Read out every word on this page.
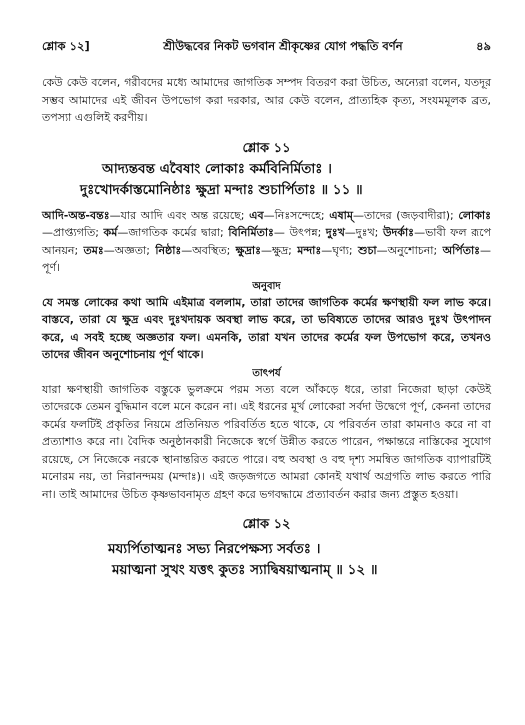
শ্লোক ১২]	শ্রীউদ্ধবের নিকট ভগবান শ্রীকৃষ্ণের যোগ পদ্ধতি বর্ণন	৪৯

কেউ কেউ বলেন, গরীবদের মধ্যে আমাদের জাগতিক সম্পদ বিতরণ করা উচিত, অন্যেরা বলেন, যতদূর সম্ভব আমাদের এই জীবন উপভোগ করা দরকার, আর কেউ বলেন, প্রাত্যহিক কৃত্য, সংযমমূলক ব্রত, তপস্যা এগুলিই করণীয়।

শ্লোক ১১
আদ্যন্তবন্ত এবৈষাং লোকাঃ কর্মবিনির্মিতাঃ ।
দুঃখোদর্কাস্তমোনিষ্ঠাঃ ক্ষুদ্রা মন্দাঃ শুচার্পিতাঃ ॥ ১১ ॥
আদি-অন্ত-বন্তঃ—যার আদি এবং অন্ত রয়েছে; এব—নিঃসন্দেহে; এষাম্—তাদের (জড়বাদীরা); লোকাঃ—প্রাপ্ত্যগতি; কর্ম—জাগতিক কর্মের দ্বারা; বিনির্মিতাঃ— উৎপন্ন; দুঃখ—দুঃখ; উদর্কাঃ—ভাবী ফল রূপে আনয়ন; তমঃ—অজ্ঞতা; নিষ্ঠাঃ—অবস্থিত; ক্ষুদ্রাঃ—ক্ষুদ্র; মন্দাঃ—ঘৃণ্য; শুচা—অনুশোচনা; অর্পিতাঃ—পূর্ণ।
অনুবাদ

যে সমস্ত লোকের কথা আমি এইমাত্র বললাম, তারা তাদের জাগতিক কর্মের ক্ষণস্থায়ী ফল লাভ করে। বাস্তবে, তারা যে ক্ষুদ্র এবং দুঃখদায়ক অবস্থা লাভ করে, তা ভবিষ্যতে তাদের আরও দুঃখ উৎপাদন করে, এ সবই হচ্ছে অজ্ঞতার ফল। এমনকি, তারা যখন তাদের কর্মের ফল উপভোগ করে, তখনও তাদের জীবন অনুশোচনায় পূর্ণ থাকে।

তাৎপর্য

যারা ক্ষণস্থায়ী জাগতিক বস্তুকে ভুলক্রমে পরম সত্য বলে আঁকড়ে ধরে, তারা নিজেরা ছাড়া কেউই তাদেরকে তেমন বুদ্ধিমান বলে মনে করেন না। এই ধরনের মূর্খ লোকেরা সর্বদা উদ্বেগে পূর্ণ, কেননা তাদের কর্মের ফলটিই প্রকৃতির নিয়মে প্রতিনিয়ত পরিবর্তিত হতে থাকে, যে পরিবর্তন তারা কামনাও করে না বা প্রত্যাশাও করে না। বৈদিক অনুষ্ঠানকারী নিজেকে স্বর্গে উন্নীত করতে পারেন, পক্ষান্তরে নাস্তিকের সুযোগ রয়েছে, সে নিজেকে নরকে স্থানান্তরিত করতে পারে। বহু অবস্থা ও বহু দৃশ্য সমন্বিত জাগতিক ব্যাপারটিই মনোরম নয়, তা নিরানন্দময় (মন্দাঃ)। এই জড়জগতে আমরা কোনই যথার্থ অগ্রগতি লাভ করতে পারি না। তাই আমাদের উচিত কৃষ্ণভাবনামৃত গ্রহণ করে ভগবদ্ধামে প্রত্যাবর্তন করার জন্য প্রস্তুত হওয়া।

শ্লোক ১২
ময্যর্পিতাত্মনঃ সভ্য নিরপেক্ষস্য সর্বতঃ ।
ময়াত্মনা সুখং যত্তৎ কুতঃ স্যাদ্বিষয়াত্মনাম্ ॥ ১২ ॥
